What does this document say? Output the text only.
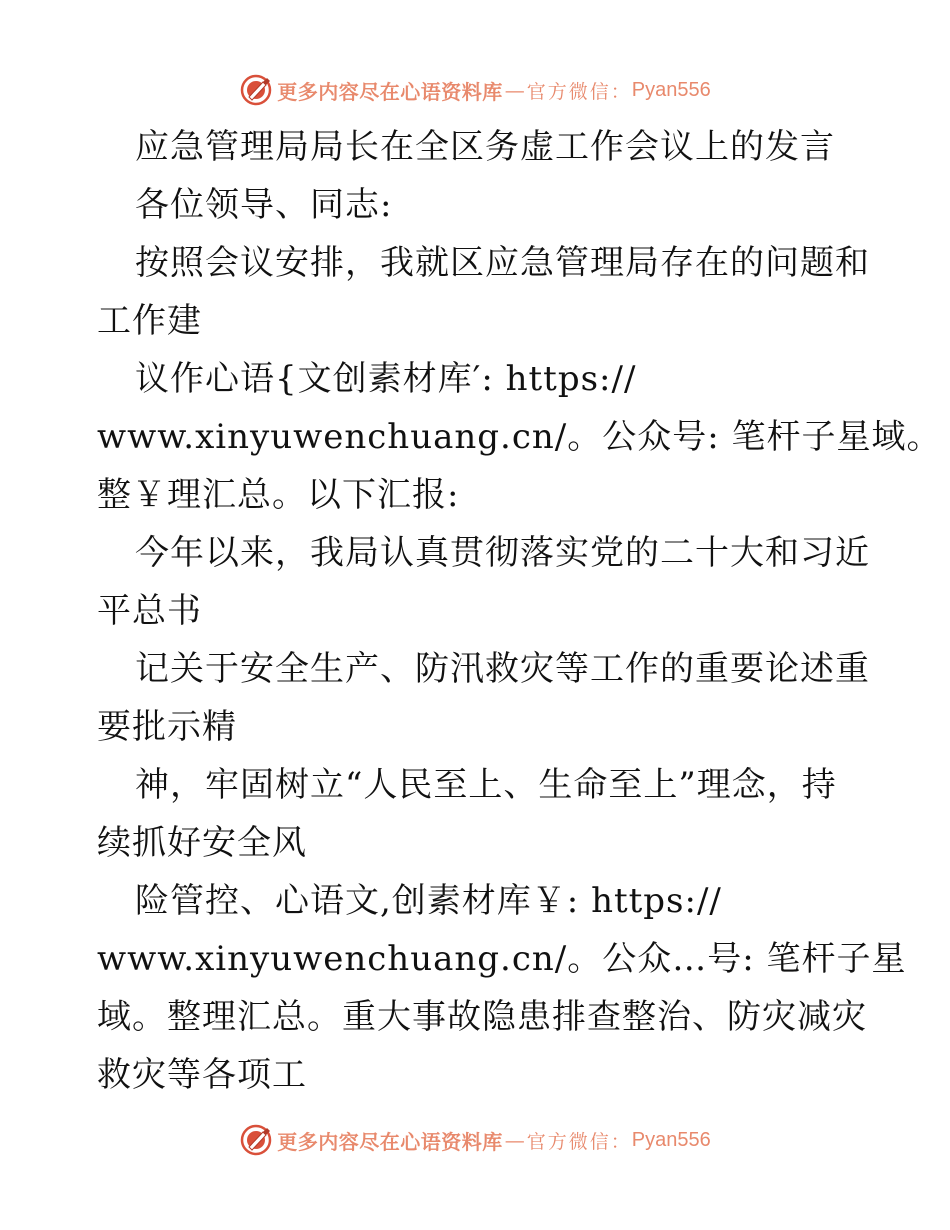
更多内容尽在心语资料库 — 官方微信： Pyan556
应急管理局局长在全区务虚工作会议上的发言
各位领导、同志:
按照会议安排，我就区应急管理局存在的问题和
工作建
议作心语{文创素材库′: https://
www.xinyuwenchuang.cn/。公众号: 笔杆子星域。
整￥理汇总。以下汇报:
今年以来，我局认真贯彻落实党的二十大和习近
平总书
记关于安全生产、防汛救灾等工作的重要论述重
要批示精
神，牢固树立“人民至上、生命至上”理念，持
续抓好安全风
险管控、心语文,创素材库￥: https://
www.xinyuwenchuang.cn/。公众…号: 笔杆子星
域。整理汇总。重大事故隐患排查整治、防灾减灾
救灾等各项工
更多内容尽在心语资料库 — 官方微信： Pyan556
